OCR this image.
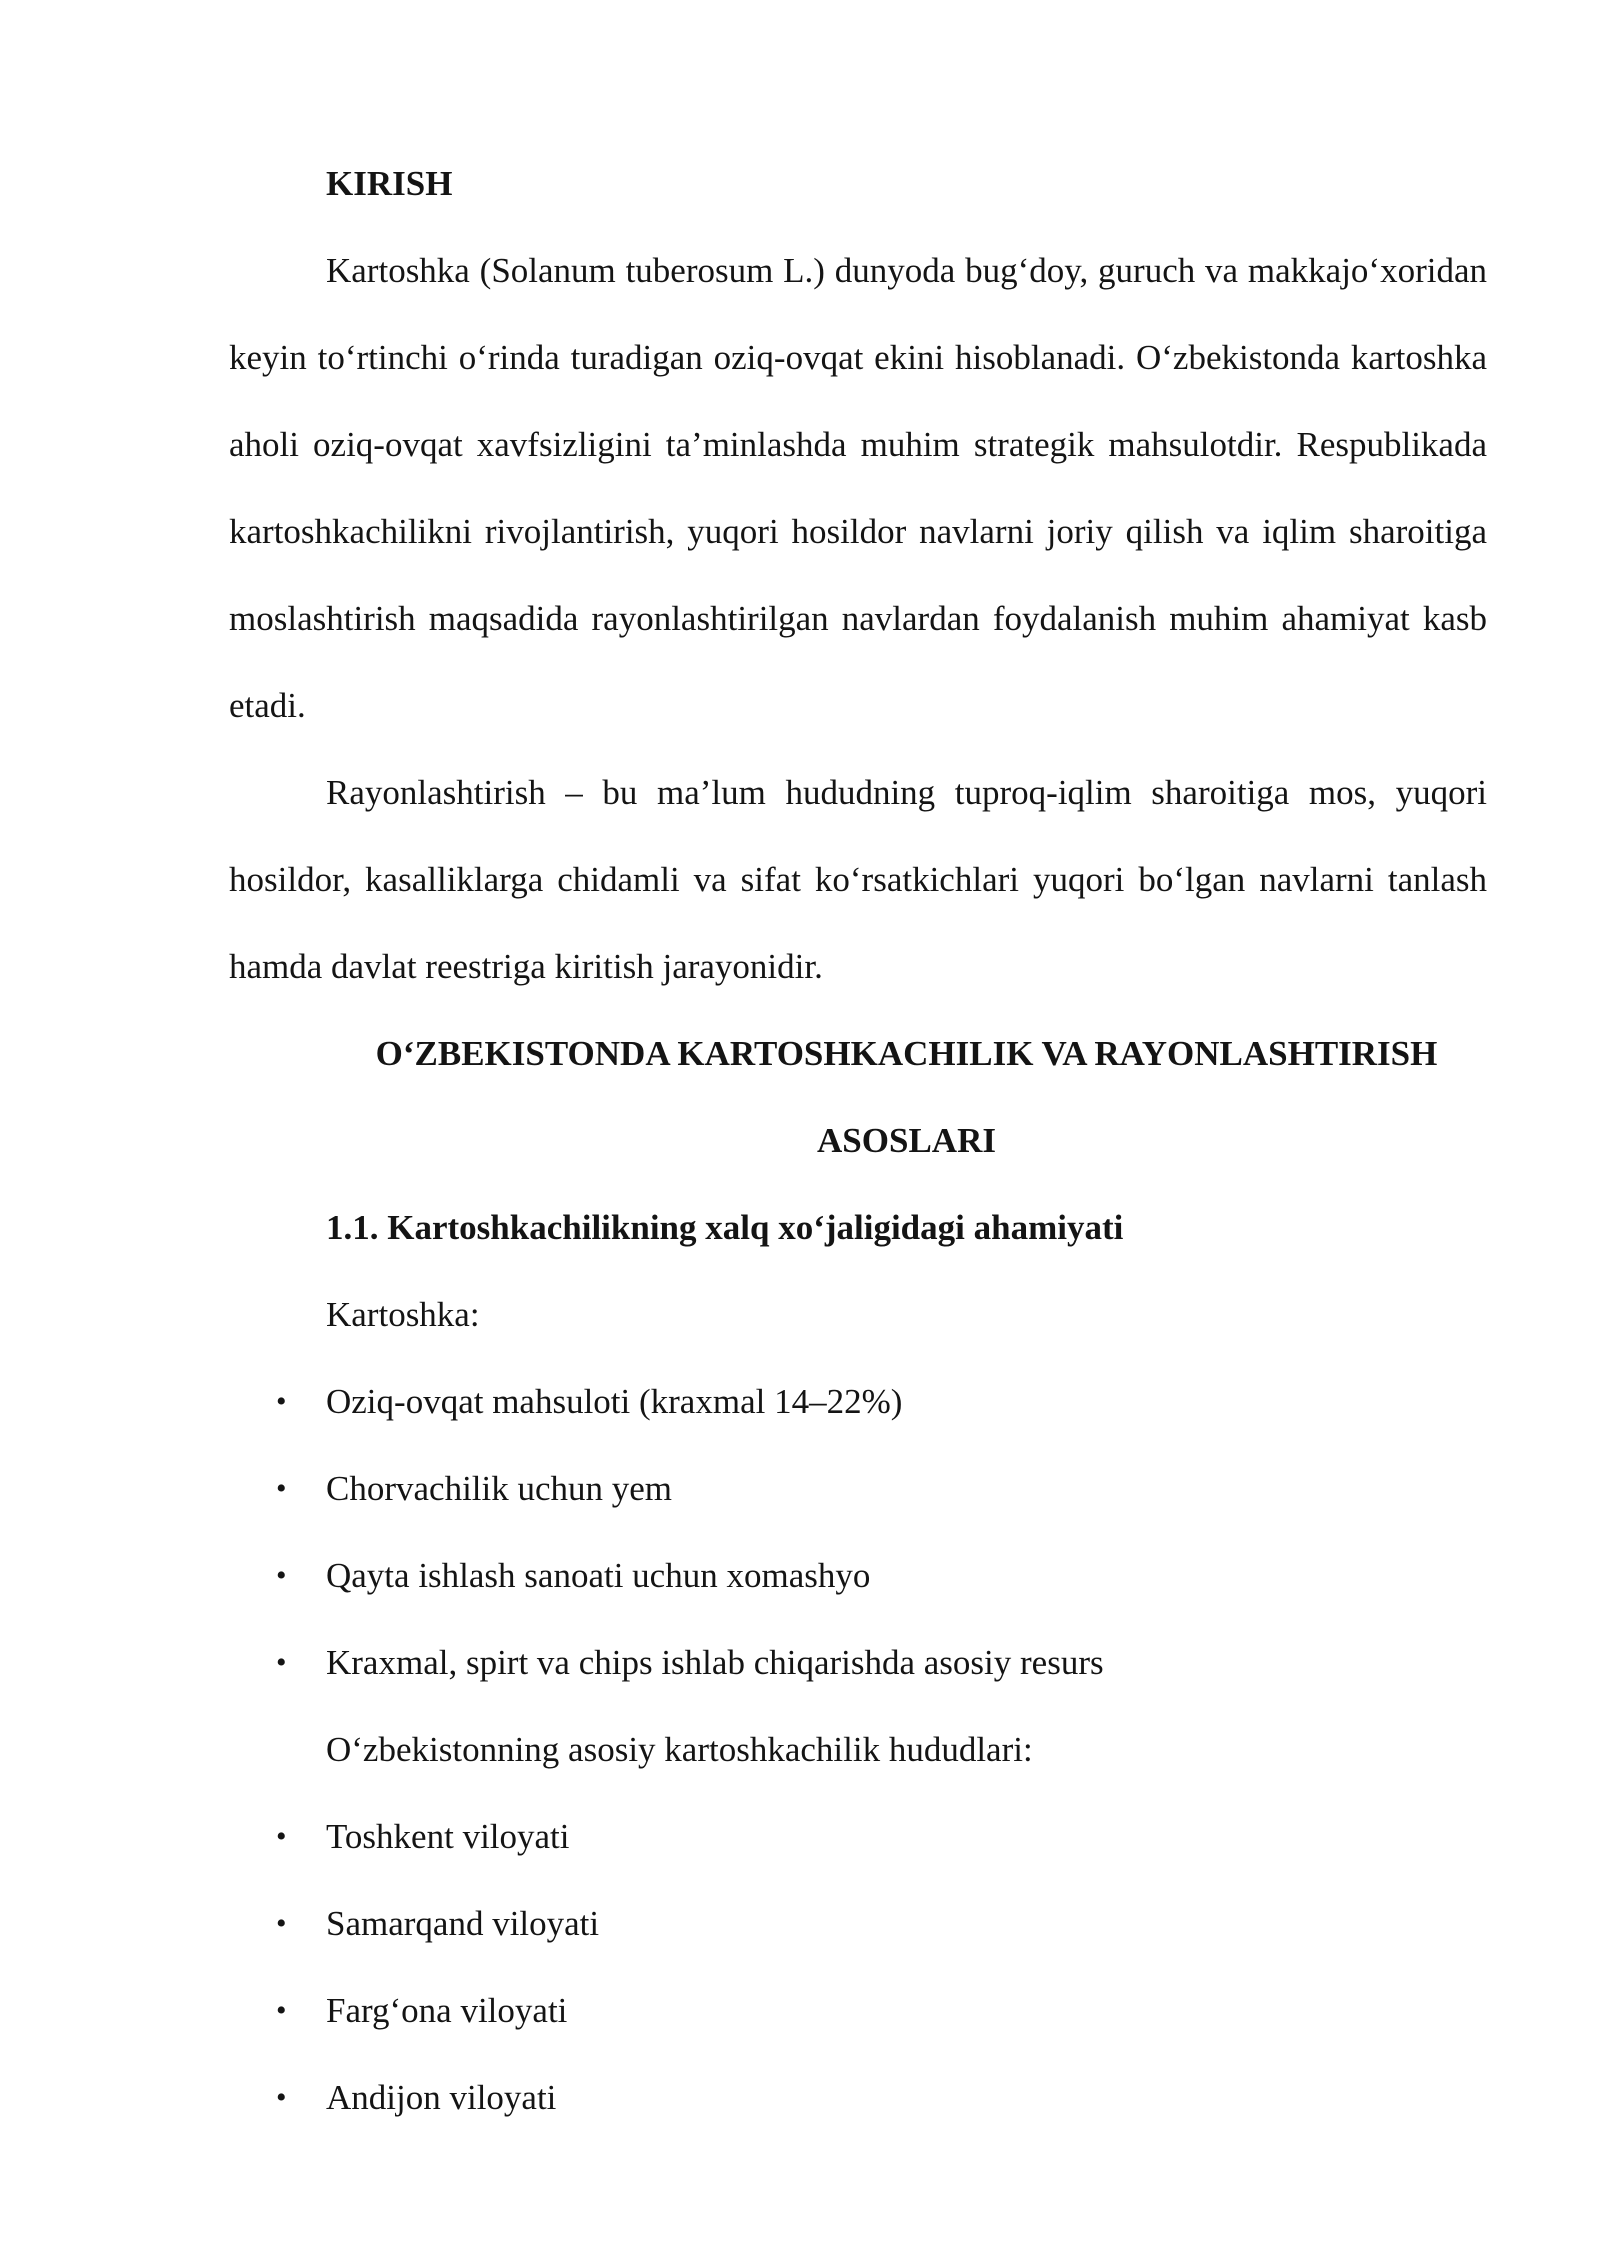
KIRISH

Kartoshka (Solanum tuberosum L.) dunyoda bug‘doy, guruch va makkajo‘xoridan keyin to‘rtinchi o‘rinda turadigan oziq-ovqat ekini hisoblanadi. O‘zbekistonda kartoshka aholi oziq-ovqat xavfsizligini ta’minlashda muhim strategik mahsulotdir. Respublikada kartoshkachilikni rivojlantirish, yuqori hosildor navlarni joriy qilish va iqlim sharoitiga moslashtirish maqsadida rayonlashtirilgan navlardan foydalanish muhim ahamiyat kasb etadi.

Rayonlashtirish – bu ma’lum hududning tuproq-iqlim sharoitiga mos, yuqori hosildor, kasalliklarga chidamli va sifat ko‘rsatkichlari yuqori bo‘lgan navlarni tanlash hamda davlat reestriga kiritish jarayonidir.

O‘ZBEKISTONDA KARTOSHKACHILIK VA RAYONLASHTIRISH

ASOSLARI

1.1. Kartoshkachilikning xalq xo‘jaligidagi ahamiyati

Kartoshka:

• Oziq-ovqat mahsuloti (kraxmal 14–22%)
• Chorvachilik uchun yem
• Qayta ishlash sanoati uchun xomashyo
• Kraxmal, spirt va chips ishlab chiqarishda asosiy resurs

O‘zbekistonning asosiy kartoshkachilik hududlari:

• Toshkent viloyati
• Samarqand viloyati
• Farg‘ona viloyati
• Andijon viloyati
